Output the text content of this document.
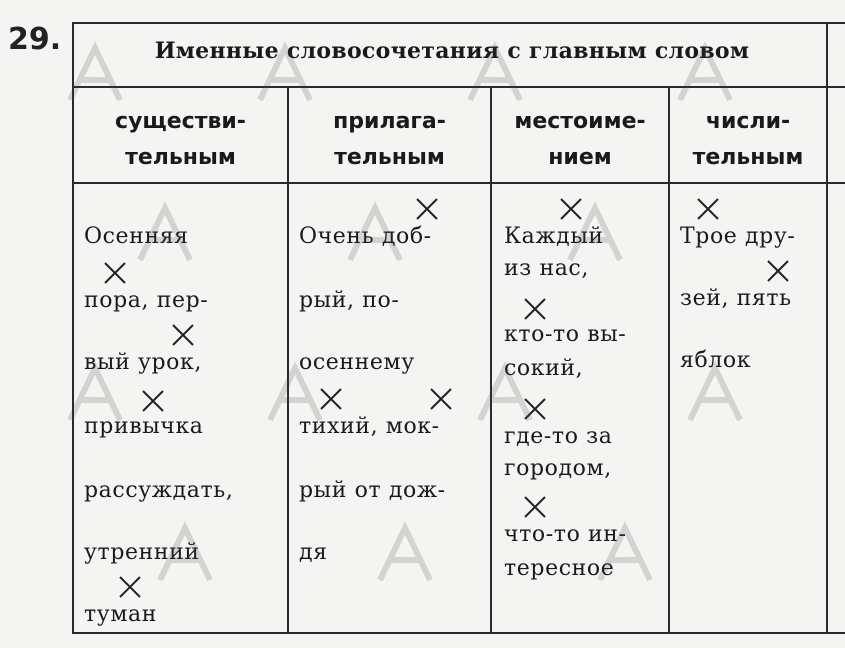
29.	Именные словосочетания с главным словом
существи-
тельным
прилага-
тельным
местоиме-
нием
числи-
тельным
Осенняя
пора, пер-
вый урок,
привычка
рассуждать,
утренний
туман
Очень доб-
рый, по-
осеннему
тихий, мок-
рый от дож-
дя
Каждый
из нас,
кто-то вы-
сокий,
где-то за
городом,
что-то ин-
тересное
Трое дру-
зей, пять
яблок
